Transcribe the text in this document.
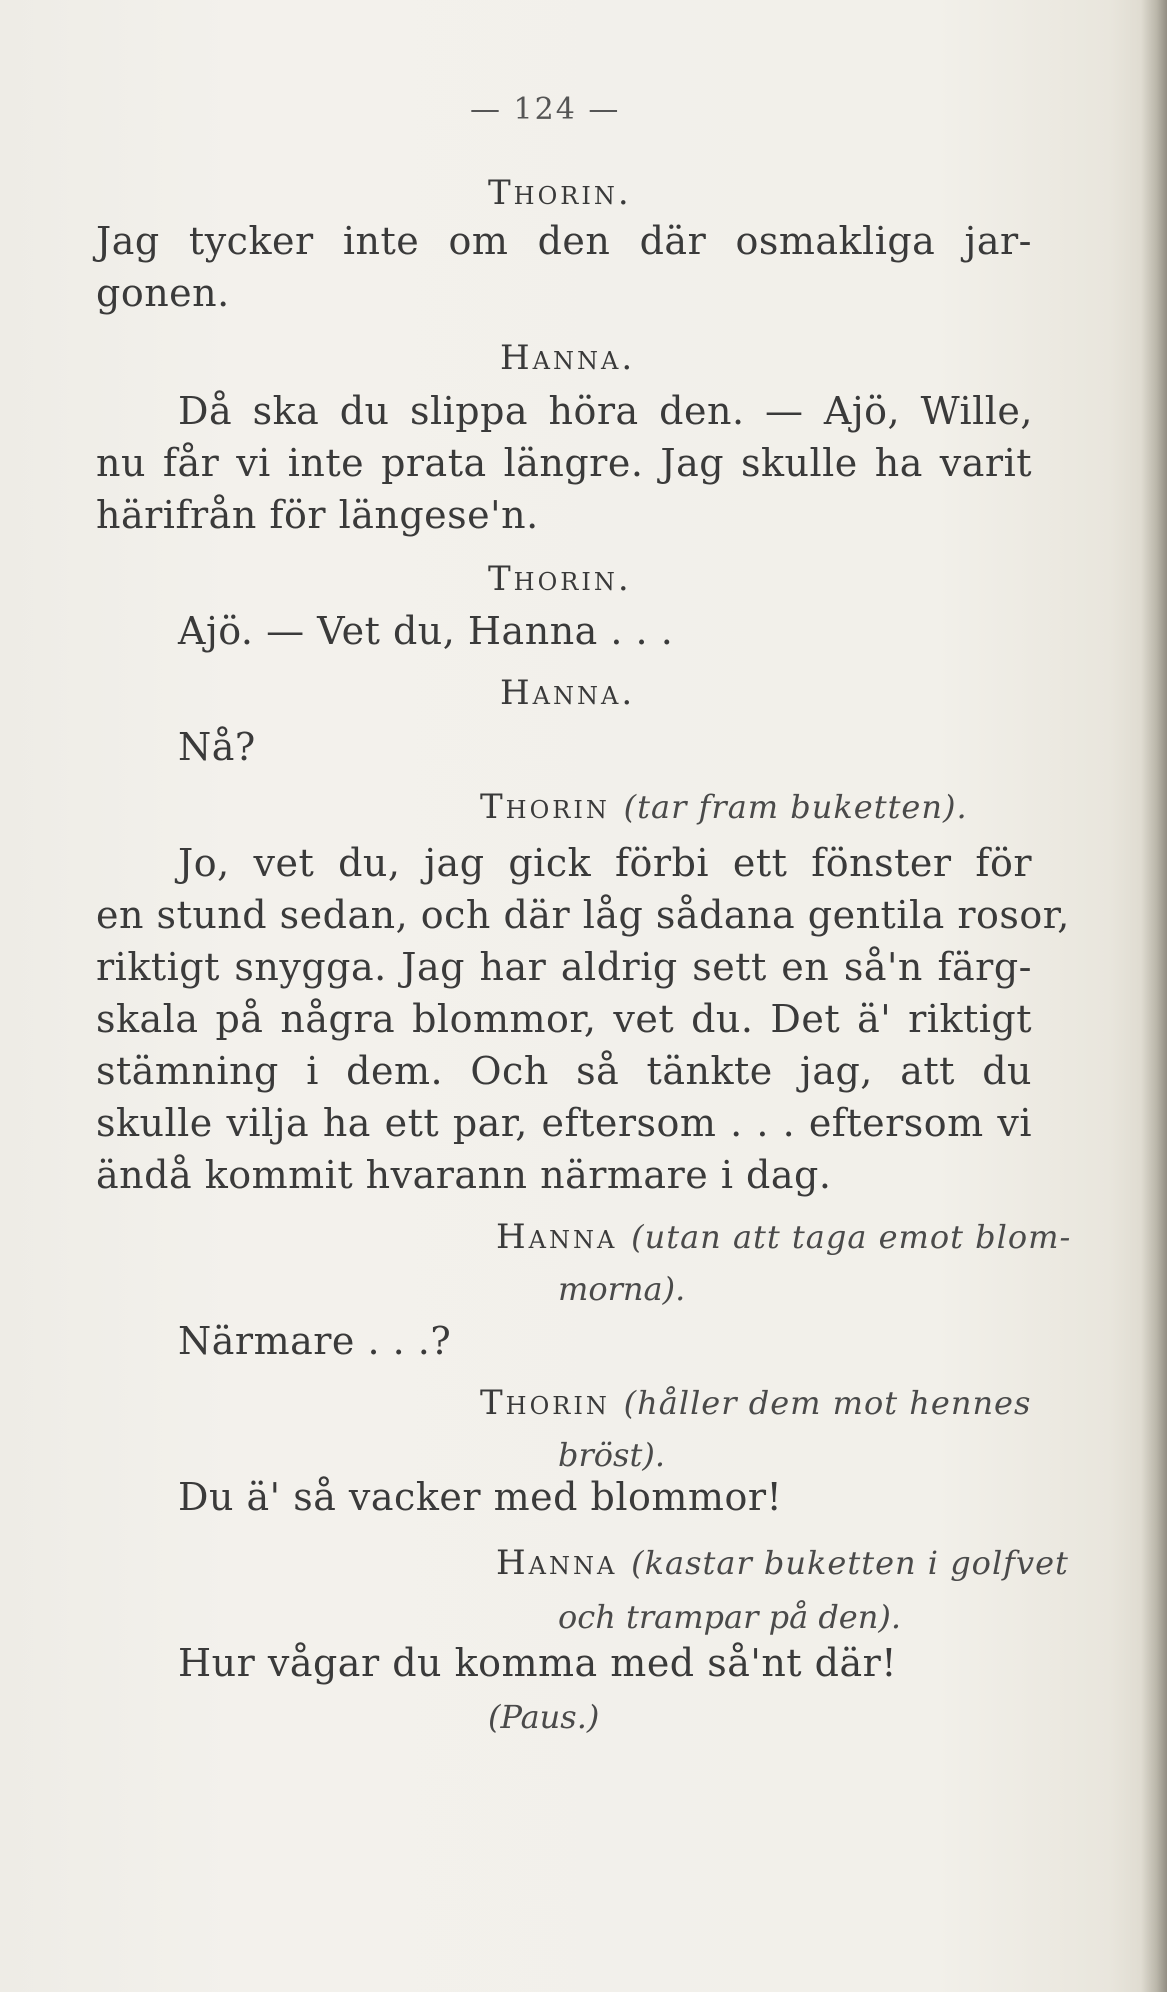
— 124 —
Thorin.
Jag tycker inte om den där osmakliga jar-
gonen.
Hanna.
Då ska du slippa höra den. — Ajö, Wille,
nu får vi inte prata längre. Jag skulle ha varit
härifrån för längese'n.
Thorin.
Ajö. — Vet du, Hanna . . .
Hanna.
Nå?
Thorin (tar fram buketten).
Jo, vet du, jag gick förbi ett fönster för
en stund sedan, och där låg sådana gentila rosor,
riktigt snygga. Jag har aldrig sett en så'n färg-
skala på några blommor, vet du. Det ä' riktigt
stämning i dem. Och så tänkte jag, att du
skulle vilja ha ett par, eftersom . . . eftersom vi
ändå kommit hvarann närmare i dag.
Hanna (utan att taga emot blom-
morna).
Närmare . . .?
Thorin (håller dem mot hennes
bröst).
Du ä' så vacker med blommor!
Hanna (kastar buketten i golfvet
och trampar på den).
Hur vågar du komma med så'nt där!
(Paus.)
